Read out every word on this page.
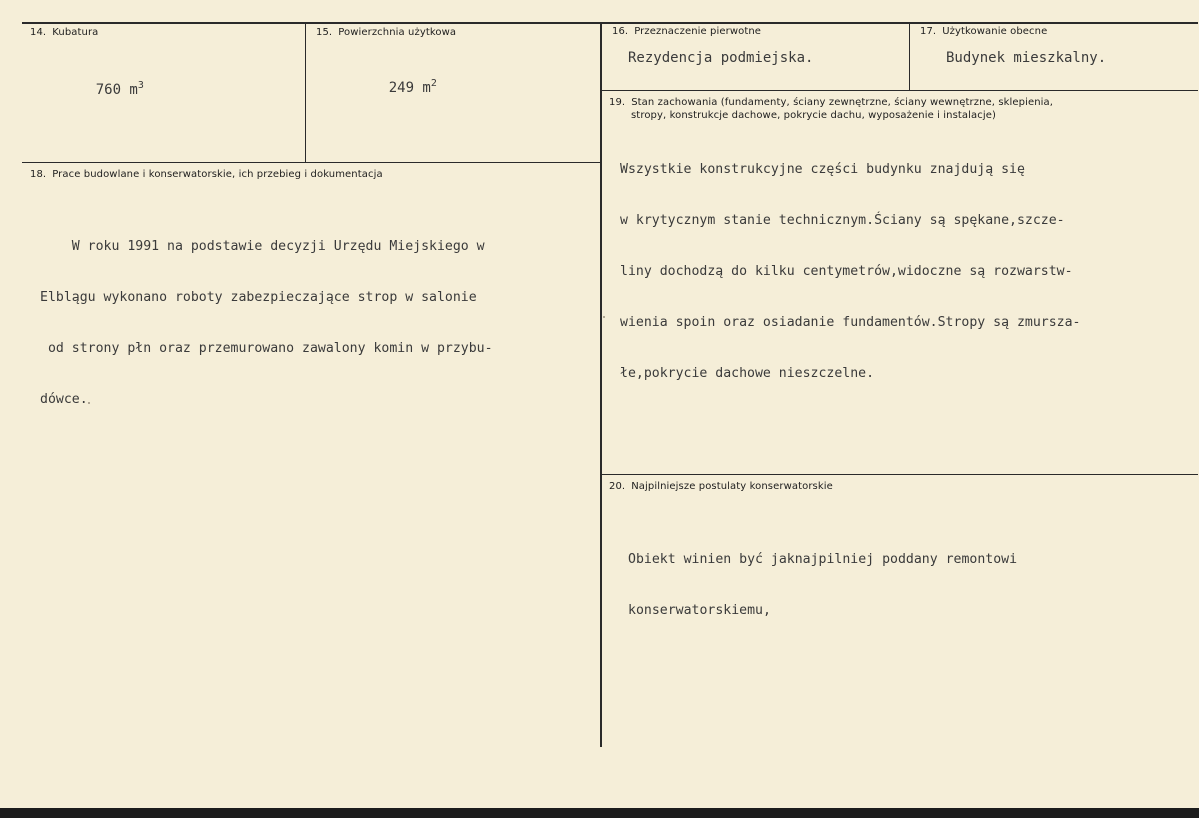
14. Kubatura

760 $m^3$

15. Powierzchnia użytkowa

249 $m^2$

16. Przeznaczenie pierwotne
Rezydencja podmiejska.
17. Użytkowanie obecne
Budynek mieszkalny.
18. Prace budowlane i konserwatorskie, ich przebieg i dokumentacja

W roku 1991 na podstawie decyzji Urzędu Miejskiego w

Elblągu wykonano roboty zabezpieczające strop w salonie

od strony płn oraz przemurowano zawalony komin w przybu-

dówce.

19. Stan zachowania (fundamenty, ściany zewnętrzne, ściany wewnętrzne, sklepienia,
stropy, konstrukcje dachowe, pokrycie dachu, wyposażenie i instalacje)

Wszystkie konstrukcyjne części budynku znajdują się

w krytycznym stanie technicznym.Ściany są spękane,szcze-

liny dochodzą do kilku centymetrów,widoczne są rozwarstw-

wienia spoin oraz osiadanie fundamentów.Stropy są zmursza-

łe,pokrycie dachowe nieszczelne.

20. Najpilniejsze postulaty konserwatorskie

Obiekt winien być jaknajpilniej poddany remontowi

konserwatorskiemu,
